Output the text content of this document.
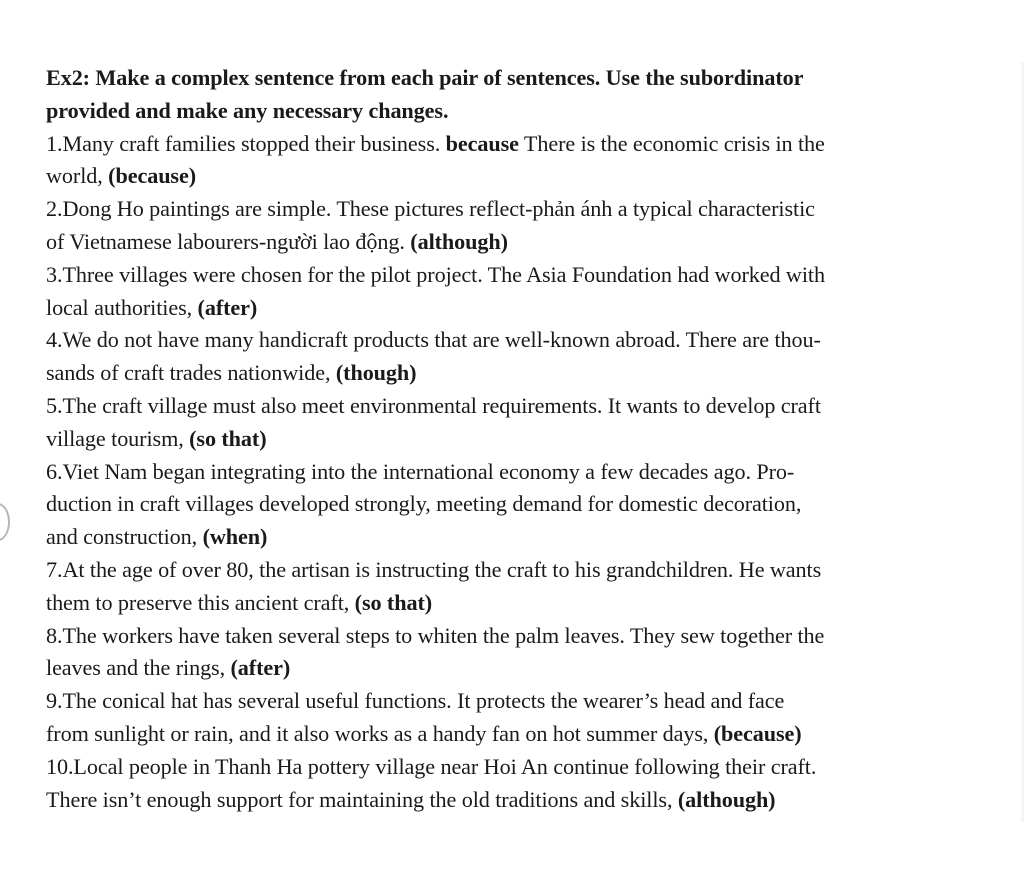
Ex2: Make a complex sentence from each pair of sentences. Use the subordinator
provided and make any necessary changes.
1.Many craft families stopped their business. because There is the economic crisis in the
world, (because)
2.Dong Ho paintings are simple. These pictures reflect-phản ánh a typical characteristic
of Vietnamese labourers-người lao động. (although)
3.Three villages were chosen for the pilot project. The Asia Foundation had worked with
local authorities, (after)
4.We do not have many handicraft products that are well-known abroad. There are thou-
sands of craft trades nationwide, (though)
5.The craft village must also meet environmental requirements. It wants to develop craft
village tourism, (so that)
6.Viet Nam began integrating into the international economy a few decades ago. Pro-
duction in craft villages developed strongly, meeting demand for domestic decoration,
and construction, (when)
7.At the age of over 80, the artisan is instructing the craft to his grandchildren. He wants
them to preserve this ancient craft, (so that)
8.The workers have taken several steps to whiten the palm leaves. They sew together the
leaves and the rings, (after)
9.The conical hat has several useful functions. It protects the wearer’s head and face
from sunlight or rain, and it also works as a handy fan on hot summer days, (because)
10.Local people in Thanh Ha pottery village near Hoi An continue following their craft.
There isn’t enough support for maintaining the old traditions and skills, (although)
